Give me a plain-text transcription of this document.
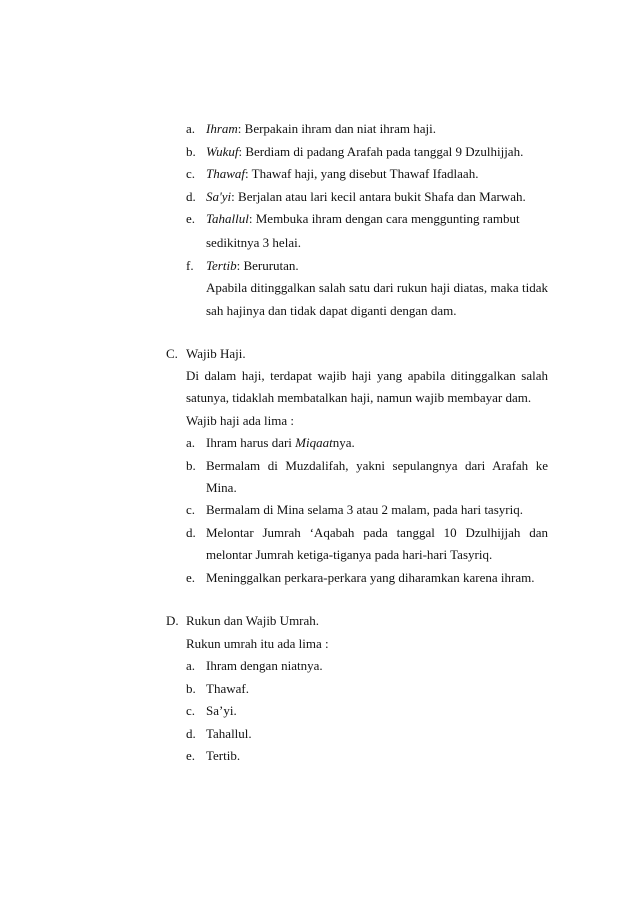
a. Ihram: Berpakain ihram dan niat ihram haji.
b. Wukuf: Berdiam di padang Arafah pada tanggal 9 Dzulhijjah.
c. Thawaf: Thawaf haji, yang disebut Thawaf Ifadlaah.
d. Sa'yi: Berjalan atau lari kecil antara bukit Shafa dan Marwah.
e. Tahallul: Membuka ihram dengan cara menggunting rambut
sedikitnya 3 helai.
f. Tertib: Berurutan.
Apabila ditinggalkan salah satu dari rukun haji diatas, maka tidak
sah hajinya dan tidak dapat diganti dengan dam.
C. Wajib Haji.
Di dalam haji, terdapat wajib haji yang apabila ditinggalkan salah
satunya, tidaklah membatalkan haji, namun wajib membayar dam.
Wajib haji ada lima :
a. Ihram harus dari Miqaatnya.
b. Bermalam di Muzdalifah, yakni sepulangnya dari Arafah ke
Mina.
c. Bermalam di Mina selama 3 atau 2 malam, pada hari tasyriq.
d. Melontar Jumrah ‘Aqabah pada tanggal 10 Dzulhijjah dan
melontar Jumrah ketiga-tiganya pada hari-hari Tasyriq.
e. Meninggalkan perkara-perkara yang diharamkan karena ihram.
D. Rukun dan Wajib Umrah.
Rukun umrah itu ada lima :
a. Ihram dengan niatnya.
b. Thawaf.
c. Sa’yi.
d. Tahallul.
e. Tertib.
